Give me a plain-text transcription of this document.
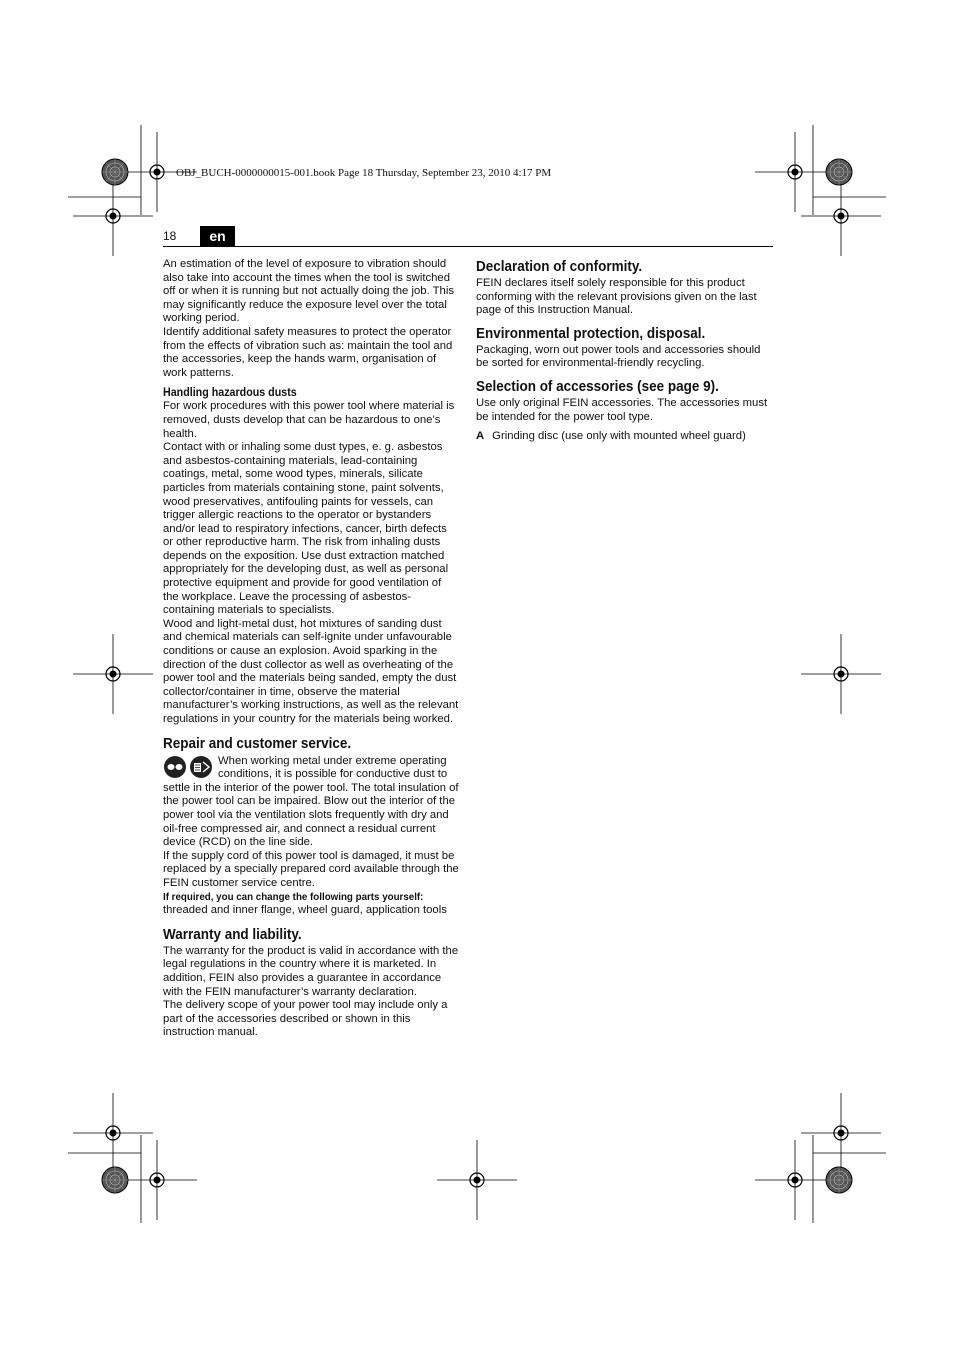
OBJ_BUCH-0000000015-001.book Page 18 Thursday, September 23, 2010 4:17 PM
18	en

An estimation of the level of exposure to vibration should also take into account the times when the tool is switched off or when it is running but not actually doing the job. This may significantly reduce the exposure level over the total working period.

Identify additional safety measures to protect the operator from the effects of vibration such as: maintain the tool and the accessories, keep the hands warm, organisation of work patterns.

Handling hazardous dusts

For work procedures with this power tool where material is removed, dusts develop that can be hazardous to one’s health.

Contact with or inhaling some dust types, e. g. asbestos and asbestos-containing materials, lead-containing coatings, metal, some wood types, minerals, silicate particles from materials containing stone, paint solvents, wood preservatives, antifouling paints for vessels, can trigger allergic reactions to the operator or bystanders and/or lead to respiratory infections, cancer, birth defects or other reproductive harm. The risk from inhaling dusts depends on the exposition. Use dust extraction matched appropriately for the developing dust, as well as personal protective equipment and provide for good ventilation of the workplace. Leave the processing of asbestos-containing materials to specialists.

Wood and light-metal dust, hot mixtures of sanding dust and chemical materials can self-ignite under unfavourable conditions or cause an explosion. Avoid sparking in the direction of the dust collector as well as overheating of the power tool and the materials being sanded, empty the dust collector/container in time, observe the material manufacturer’s working instructions, as well as the relevant regulations in your country for the materials being worked.

Repair and customer service.

When working metal under extreme operating conditions, it is possible for conductive dust to settle in the interior of the power tool. The total insulation of the power tool can be impaired. Blow out the interior of the power tool via the ventilation slots frequently with dry and oil-free compressed air, and connect a residual current device (RCD) on the line side.

If the supply cord of this power tool is damaged, it must be replaced by a specially prepared cord available through the FEIN customer service centre.

If required, you can change the following parts yourself:

threaded and inner flange, wheel guard, application tools

Warranty and liability.

The warranty for the product is valid in accordance with the legal regulations in the country where it is marketed. In addition, FEIN also provides a guarantee in accordance with the FEIN manufacturer’s warranty declaration.

The delivery scope of your power tool may include only a part of the accessories described or shown in this instruction manual.

Declaration of conformity.

FEIN declares itself solely responsible for this product conforming with the relevant provisions given on the last page of this Instruction Manual.

Environmental protection, disposal.

Packaging, worn out power tools and accessories should be sorted for environmental-friendly recycling.

Selection of accessories (see page 9).

Use only original FEIN accessories. The accessories must be intended for the power tool type.

A Grinding disc (use only with mounted wheel guard)
